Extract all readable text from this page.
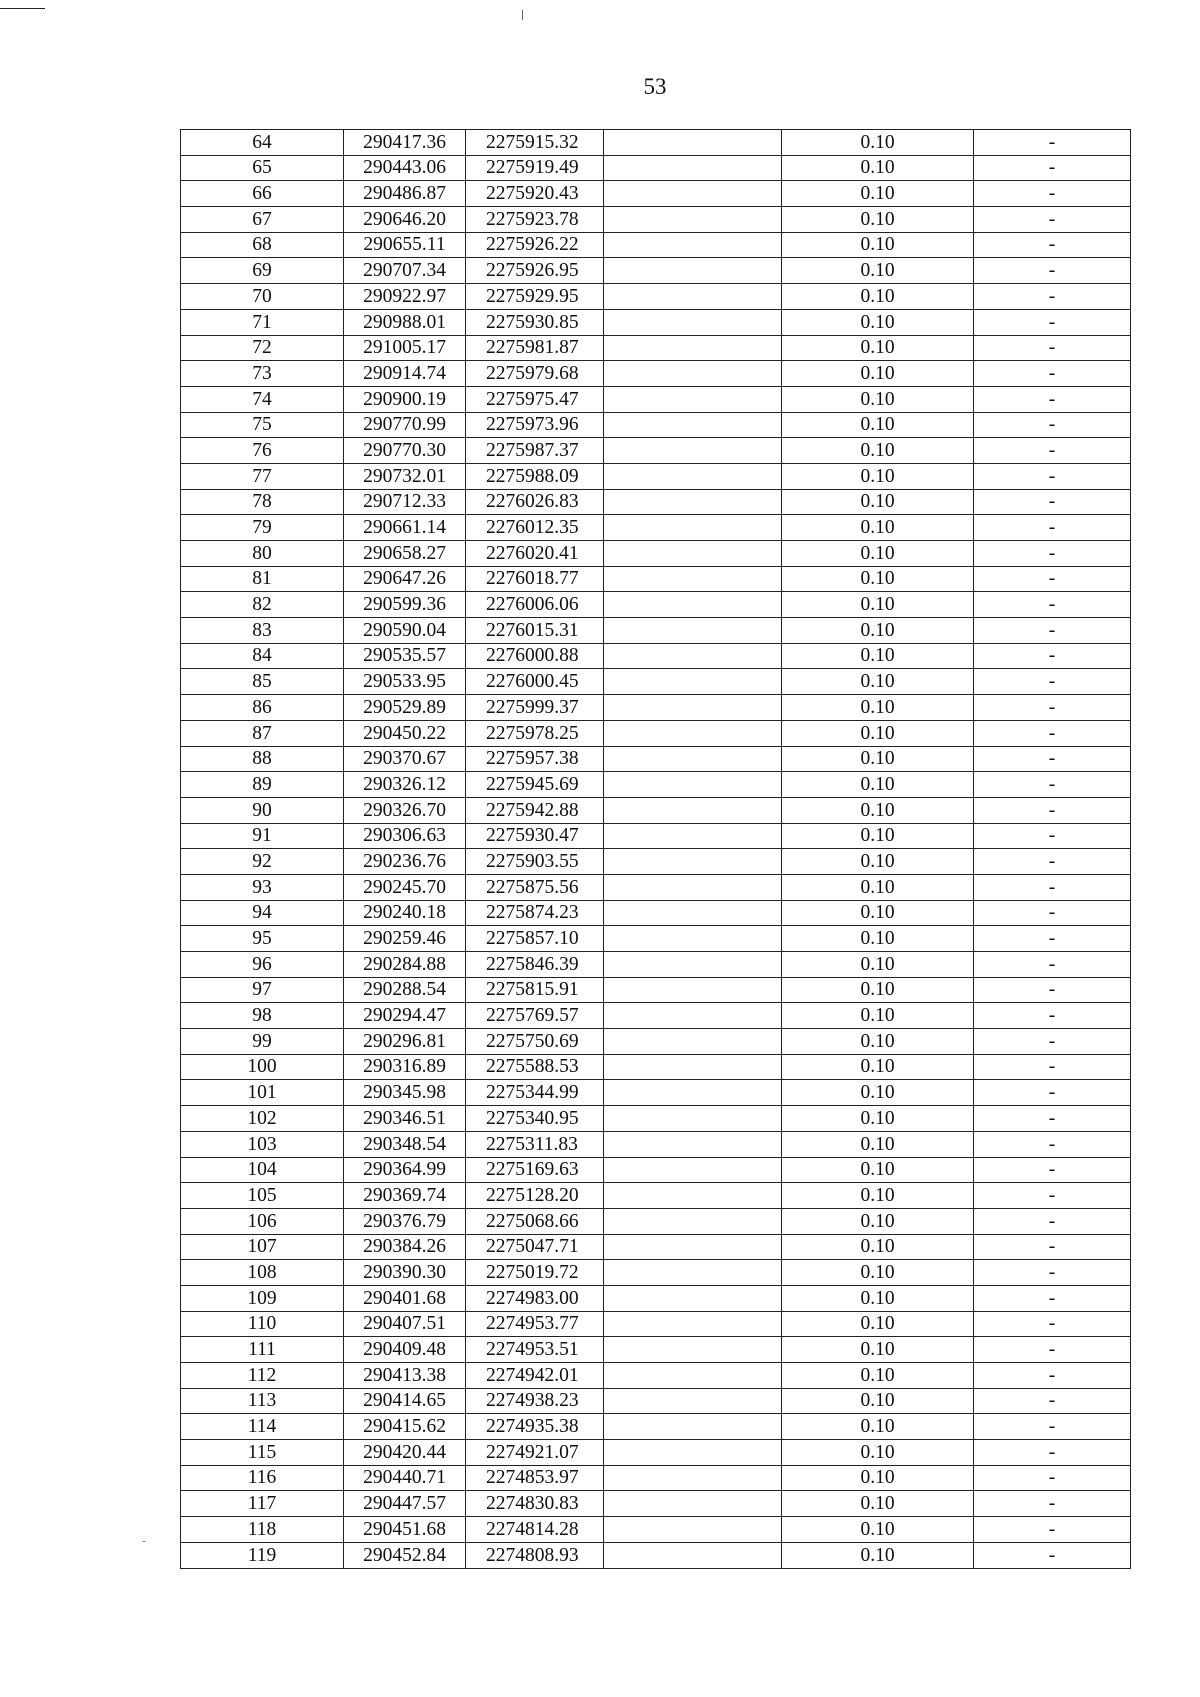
53
64	290417.36	2275915.32		0.10	-
65	290443.06	2275919.49		0.10	-
66	290486.87	2275920.43		0.10	-
67	290646.20	2275923.78		0.10	-
68	290655.11	2275926.22		0.10	-
69	290707.34	2275926.95		0.10	-
70	290922.97	2275929.95		0.10	-
71	290988.01	2275930.85		0.10	-
72	291005.17	2275981.87		0.10	-
73	290914.74	2275979.68		0.10	-
74	290900.19	2275975.47		0.10	-
75	290770.99	2275973.96		0.10	-
76	290770.30	2275987.37		0.10	-
77	290732.01	2275988.09		0.10	-
78	290712.33	2276026.83		0.10	-
79	290661.14	2276012.35		0.10	-
80	290658.27	2276020.41		0.10	-
81	290647.26	2276018.77		0.10	-
82	290599.36	2276006.06		0.10	-
83	290590.04	2276015.31		0.10	-
84	290535.57	2276000.88		0.10	-
85	290533.95	2276000.45		0.10	-
86	290529.89	2275999.37		0.10	-
87	290450.22	2275978.25		0.10	-
88	290370.67	2275957.38		0.10	-
89	290326.12	2275945.69		0.10	-
90	290326.70	2275942.88		0.10	-
91	290306.63	2275930.47		0.10	-
92	290236.76	2275903.55		0.10	-
93	290245.70	2275875.56		0.10	-
94	290240.18	2275874.23		0.10	-
95	290259.46	2275857.10		0.10	-
96	290284.88	2275846.39		0.10	-
97	290288.54	2275815.91		0.10	-
98	290294.47	2275769.57		0.10	-
99	290296.81	2275750.69		0.10	-
100	290316.89	2275588.53		0.10	-
101	290345.98	2275344.99		0.10	-
102	290346.51	2275340.95		0.10	-
103	290348.54	2275311.83		0.10	-
104	290364.99	2275169.63		0.10	-
105	290369.74	2275128.20		0.10	-
106	290376.79	2275068.66		0.10	-
107	290384.26	2275047.71		0.10	-
108	290390.30	2275019.72		0.10	-
109	290401.68	2274983.00		0.10	-
110	290407.51	2274953.77		0.10	-
111	290409.48	2274953.51		0.10	-
112	290413.38	2274942.01		0.10	-
113	290414.65	2274938.23		0.10	-
114	290415.62	2274935.38		0.10	-
115	290420.44	2274921.07		0.10	-
116	290440.71	2274853.97		0.10	-
117	290447.57	2274830.83		0.10	-
118	290451.68	2274814.28		0.10	-
119	290452.84	2274808.93		0.10	-
